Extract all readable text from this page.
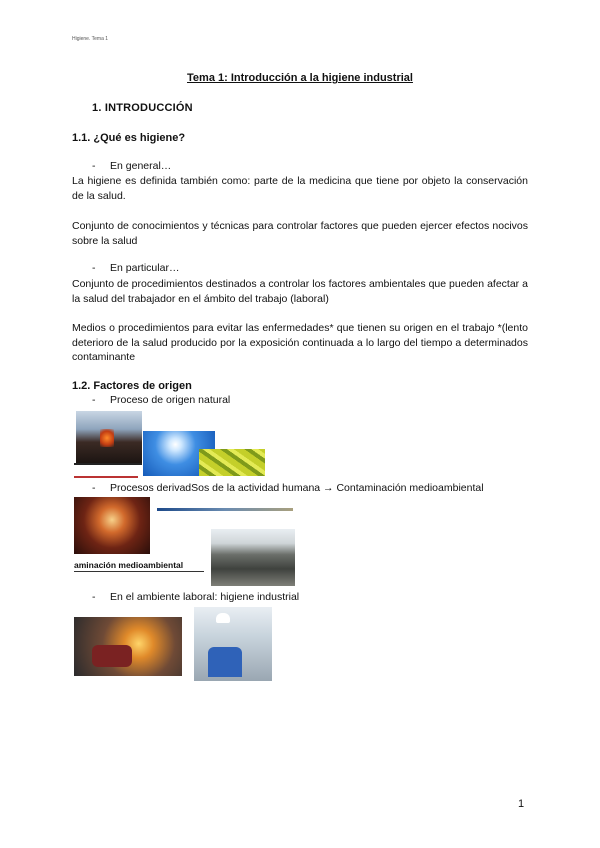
Higiene. Tema 1
Tema 1: Introducción a la higiene industrial
1. INTRODUCCIÓN
1.1. ¿Qué es higiene?
- En general…
La higiene es definida también como: parte de la medicina que tiene por objeto la conservación de la salud.
Conjunto de conocimientos y técnicas para controlar factores que pueden ejercer efectos nocivos sobre la salud
- En particular…
Conjunto de procedimientos destinados a controlar los factores ambientales que pueden afectar a la salud del trabajador en el ámbito del trabajo (laboral)
Medios o procedimientos para evitar las enfermedades* que tienen su origen en el trabajo *(lento deterioro de la salud producido por la exposición continuada a lo largo del tiempo a determinados contaminante
1.2. Factores de origen
- Proceso de origen natural
- Procesos derivadSos de la actividad humana → Contaminación medioambiental
aminación medioambiental
- En el ambiente laboral: higiene industrial
1
